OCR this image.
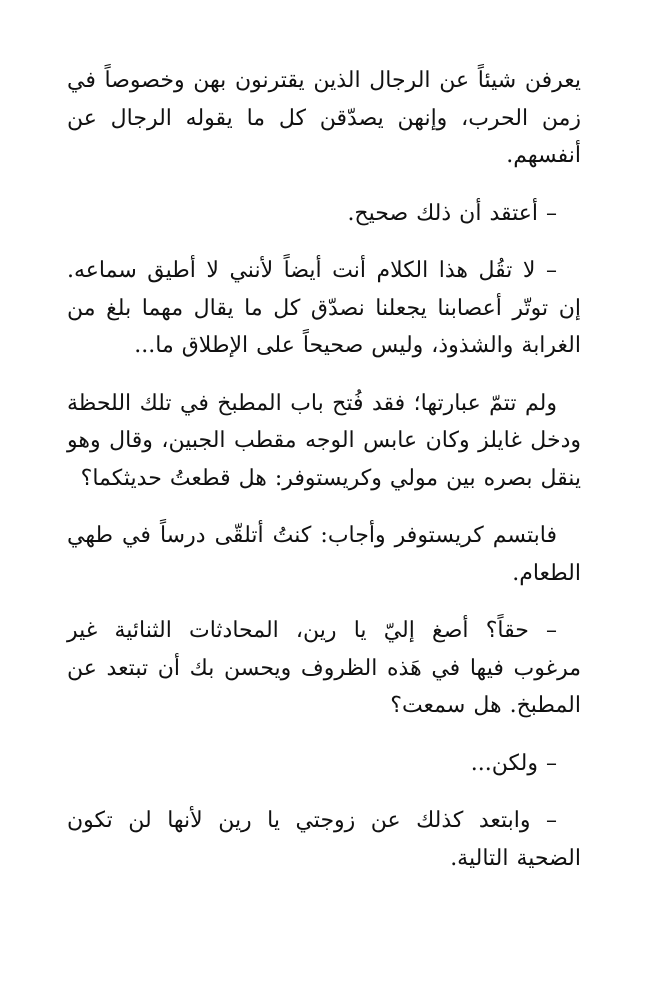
يعرفن شيئاً عن الرجال الذين يقترنون بهن وخصوصاً في زمن الحرب، وإنهن يصدّقن كل ما يقوله الرجال عن أنفسهم.

– أعتقد أن ذلك صحيح.

– لا تقُل هذا الكلام أنت أيضاً لأنني لا أطيق سماعه. إن توتّر أعصابنا يجعلنا نصدّق كل ما يقال مهما بلغ من الغرابة والشذوذ، وليس صحيحاً على الإطلاق ما...

ولم تتمّ عبارتها؛ فقد فُتح باب المطبخ في تلك اللحظة ودخل غايلز وكان عابس الوجه مقطب الجبين، وقال وهو ينقل بصره بين مولي وكريستوفر: هل قطعتُ حديثكما؟

فابتسم كريستوفر وأجاب: كنتُ أتلقّى درساً في طهي الطعام.

– حقاً؟ أصغ إليّ يا رين، المحادثات الثنائية غير مرغوب فيها في هَذه الظروف ويحسن بك أن تبتعد عن المطبخ. هل سمعت؟

– ولكن...

– وابتعد كذلك عن زوجتي يا رين لأنها لن تكون الضحية التالية.
